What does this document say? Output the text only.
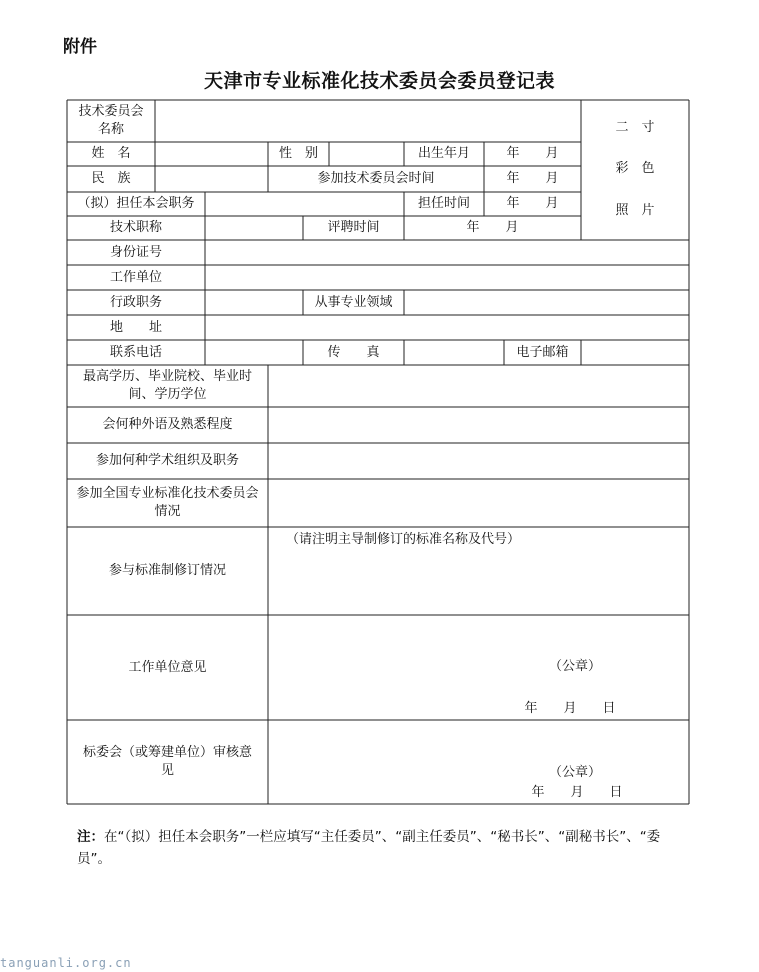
附件
天津市专业标准化技术委员会委员登记表
二　寸
彩　色
照　片
技术委员会名称
姓　名	性　别	出生年月	年　　月
民　族	参加技术委员会时间	年　　月
（拟）担任本会职务	担任时间	年　　月
技术职称	评聘时间	年　　月
身份证号
工作单位
行政职务	从事专业领域
地　　址
联系电话	传　　真	电子邮箱
最高学历、毕业院校、毕业时间、学历学位
会何种外语及熟悉程度
参加何种学术组织及职务
参加全国专业标准化技术委员会情况
参与标准制修订情况
（请注明主导制修订的标准名称及代号）
工作单位意见	（公章）
年　　月　　日
标委会（或筹建单位）审核意见	（公章）
年　　月　　日
注：在“（拟）担任本会职务”一栏应填写“主任委员”、“副主任委员”、“秘书长”、“副秘书长”、“委员”。
tanguanli.org.cn
